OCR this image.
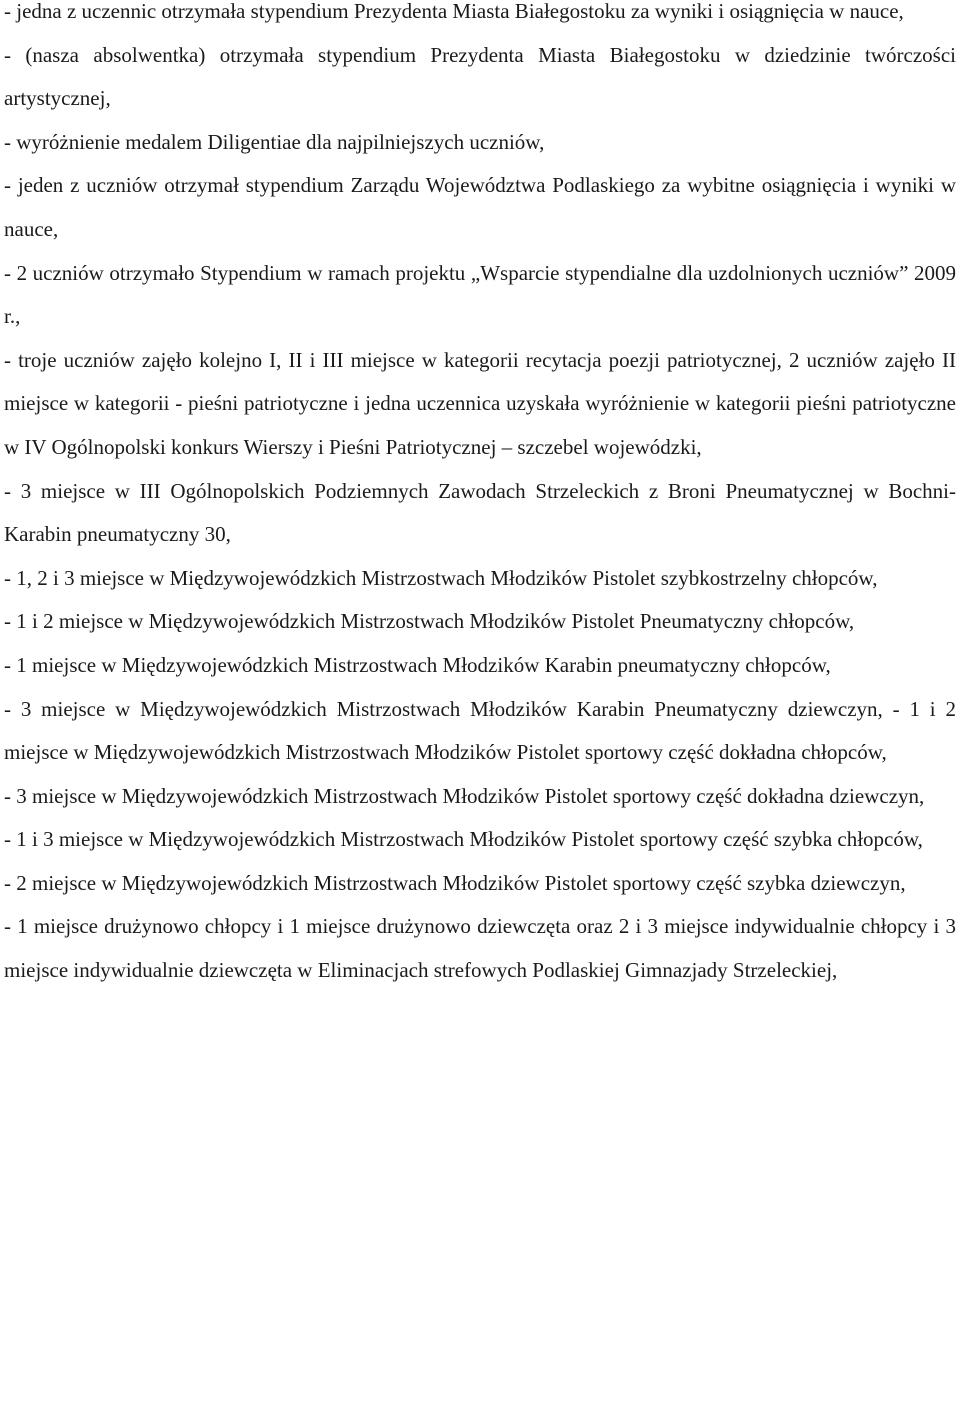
- jedna z uczennic otrzymała stypendium Prezydenta Miasta Białegostoku za wyniki i osiągnięcia w nauce,

- (nasza absolwentka) otrzymała stypendium Prezydenta Miasta Białegostoku w dziedzinie twórczości artystycznej,

- wyróżnienie medalem Diligentiae dla najpilniejszych uczniów,

- jeden z uczniów otrzymał stypendium Zarządu Województwa Podlaskiego za wybitne osiągnięcia i wyniki w nauce,

- 2 uczniów otrzymało Stypendium w ramach projektu „Wsparcie stypendialne dla uzdolnionych uczniów” 2009 r.,

- troje uczniów zajęło kolejno I, II i III miejsce w kategorii recytacja poezji patriotycznej, 2 uczniów zajęło II miejsce w kategorii - pieśni patriotyczne i jedna uczennica uzyskała wyróżnienie w kategorii pieśni patriotyczne w IV Ogólnopolski konkurs Wierszy i Pieśni Patriotycznej – szczebel wojewódzki,

- 3 miejsce w III Ogólnopolskich Podziemnych Zawodach Strzeleckich z Broni Pneumatycznej w Bochni-Karabin pneumatyczny 30,

- 1, 2 i 3 miejsce w Międzywojewódzkich Mistrzostwach Młodzików Pistolet szybkostrzelny chłopców,

- 1 i 2 miejsce w Międzywojewódzkich Mistrzostwach Młodzików Pistolet Pneumatyczny chłopców,

- 1 miejsce w Międzywojewódzkich Mistrzostwach Młodzików Karabin pneumatyczny chłopców,

- 3 miejsce w Międzywojewódzkich Mistrzostwach Młodzików Karabin Pneumatyczny dziewczyn, - 1 i 2 miejsce w Międzywojewódzkich Mistrzostwach Młodzików Pistolet sportowy część dokładna chłopców,

- 3 miejsce w Międzywojewódzkich Mistrzostwach Młodzików Pistolet sportowy część dokładna dziewczyn,

- 1 i 3 miejsce w Międzywojewódzkich Mistrzostwach Młodzików Pistolet sportowy część szybka chłopców,

- 2 miejsce w Międzywojewódzkich Mistrzostwach Młodzików Pistolet sportowy część szybka dziewczyn,

- 1 miejsce drużynowo chłopcy i 1 miejsce drużynowo dziewczęta oraz 2 i 3 miejsce indywidualnie chłopcy i 3 miejsce indywidualnie dziewczęta w Eliminacjach strefowych Podlaskiej Gimnazjady Strzeleckiej,
